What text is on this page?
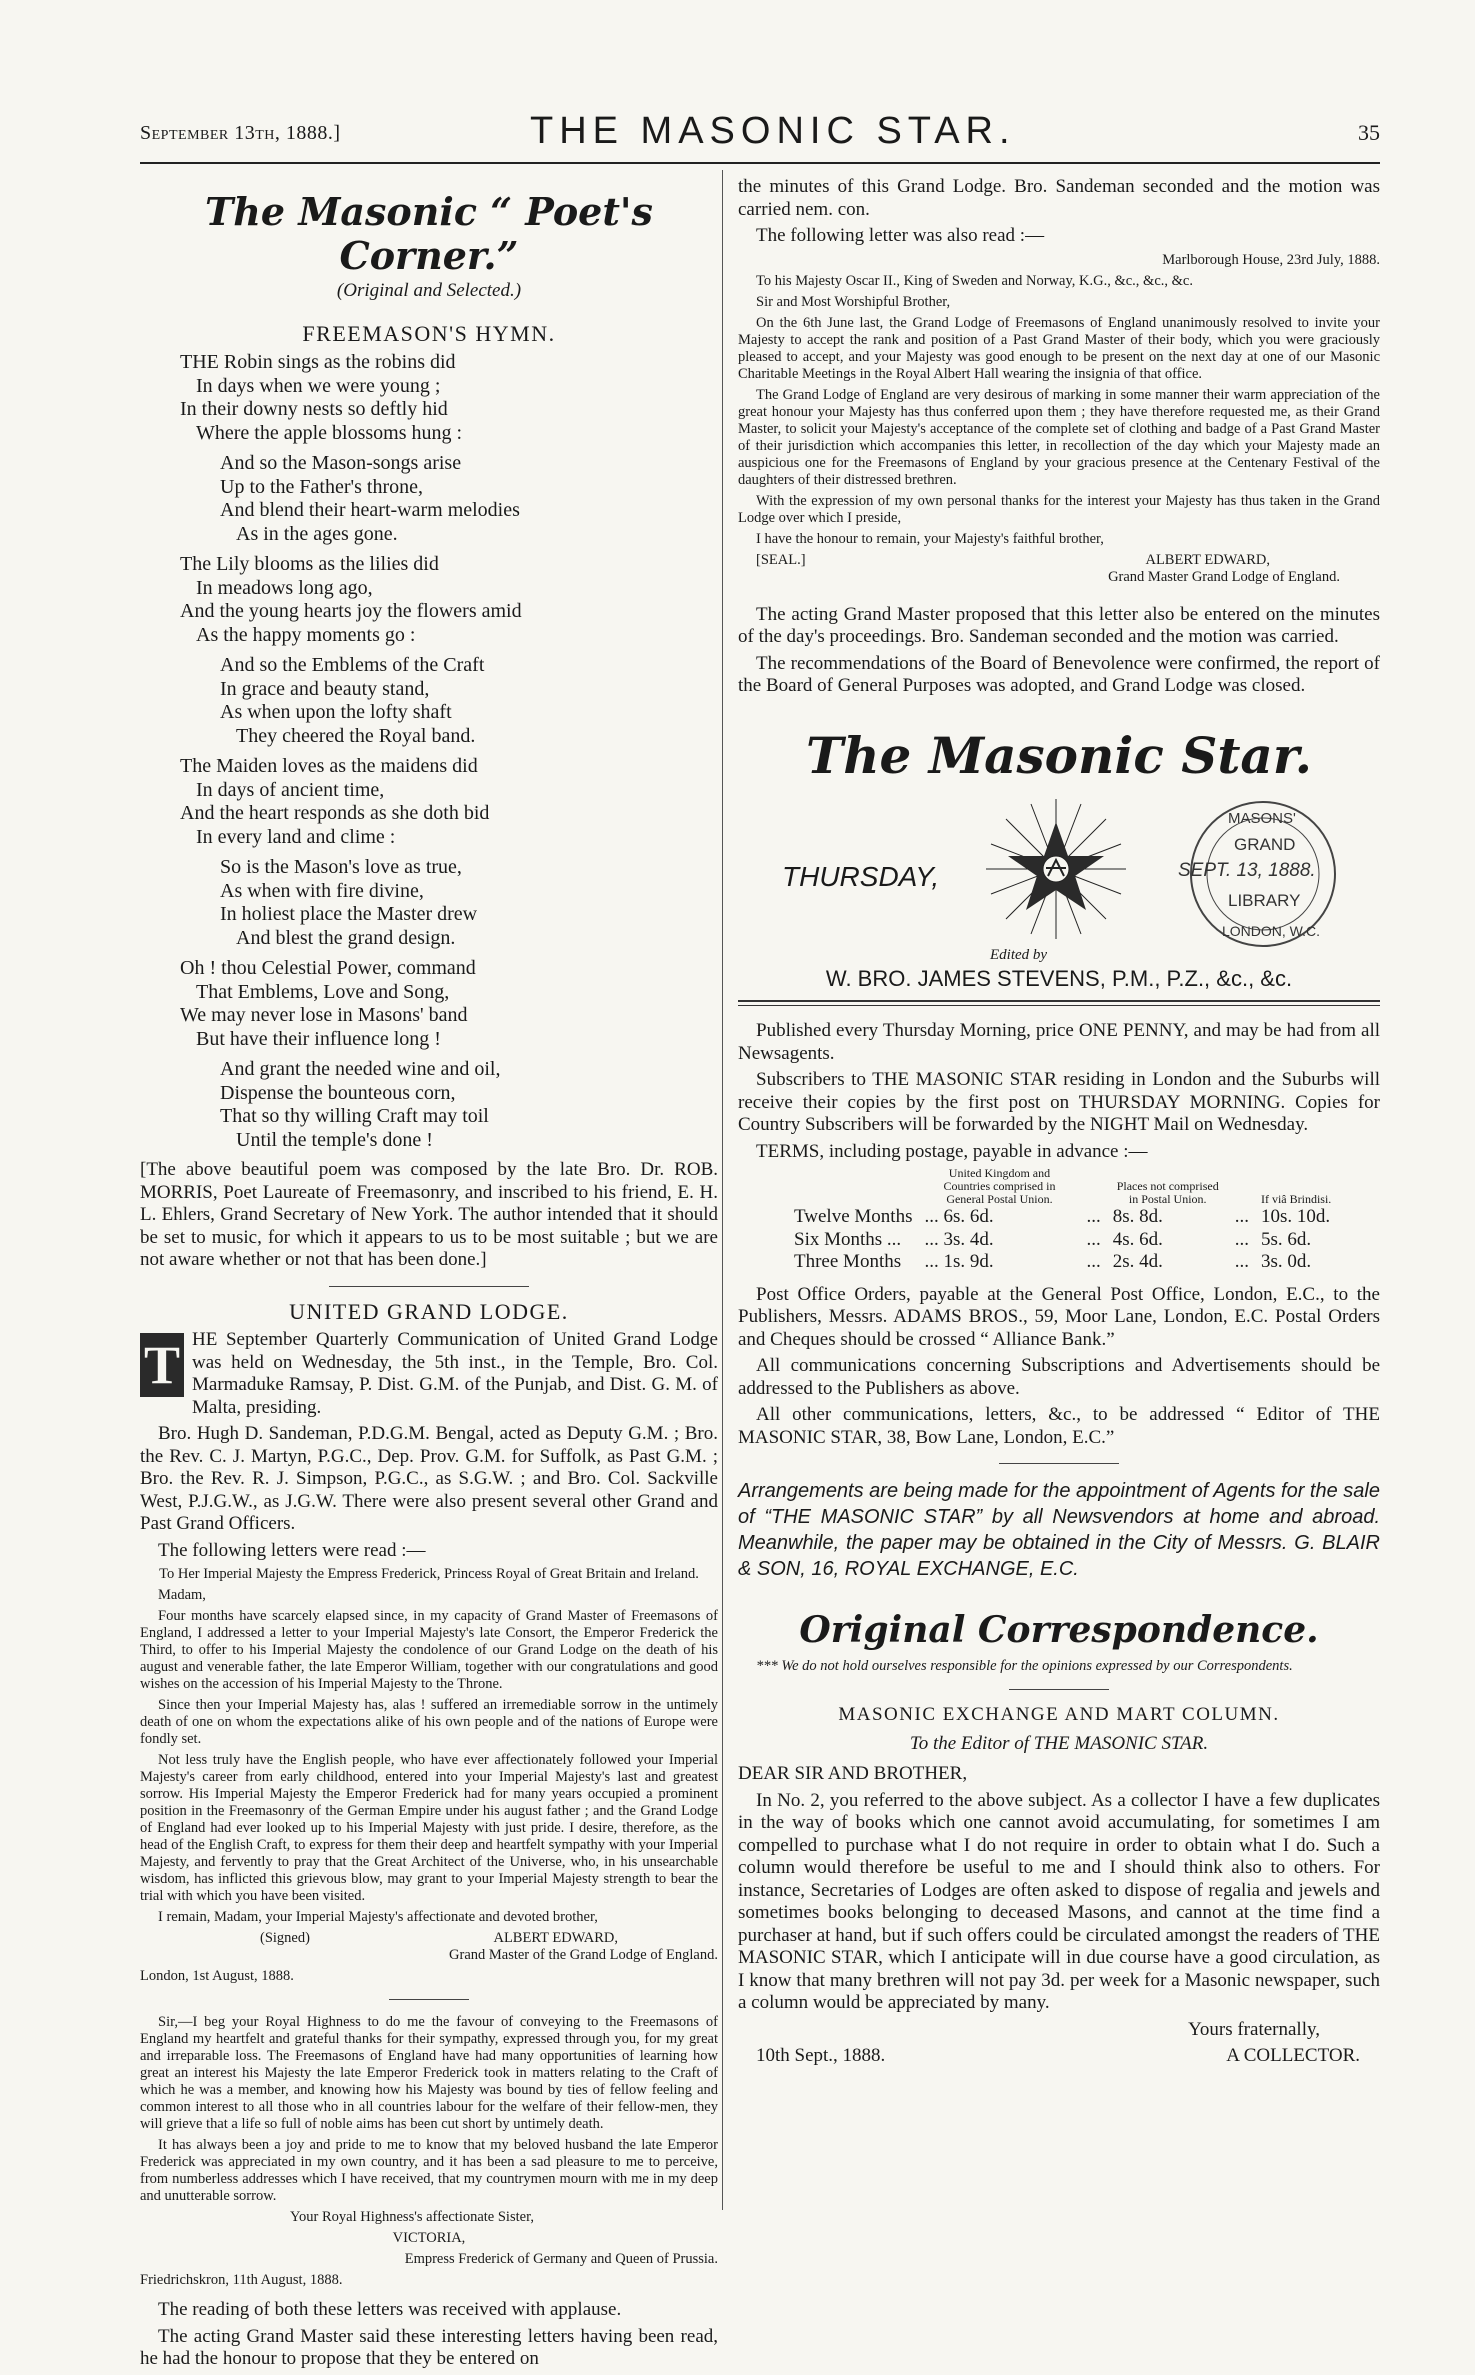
September 13th, 1888.]	THE MASONIC STAR.	35
The Masonic “ Poet's Corner.”
(Original and Selected.)
FREEMASON'S HYMN.
THE Robin sings as the robins did
In days when we were young ;
In their downy nests so deftly hid
Where the apple blossoms hung :
And so the Mason-songs arise
Up to the Father's throne,
And blend their heart-warm melodies
As in the ages gone.
The Lily blooms as the lilies did
In meadows long ago,
And the young hearts joy the flowers amid
As the happy moments go :
And so the Emblems of the Craft
In grace and beauty stand,
As when upon the lofty shaft
They cheered the Royal band.
The Maiden loves as the maidens did
In days of ancient time,
And the heart responds as she doth bid
In every land and clime :
So is the Mason's love as true,
As when with fire divine,
In holiest place the Master drew
And blest the grand design.
Oh ! thou Celestial Power, command
That Emblems, Love and Song,
We may never lose in Masons' band
But have their influence long !
And grant the needed wine and oil,
Dispense the bounteous corn,
That so thy willing Craft may toil
Until the temple's done !

[The above beautiful poem was composed by the late Bro. Dr. ROB. MORRIS, Poet Laureate of Freemasonry, and inscribed to his friend, E. H. L. Ehlers, Grand Secretary of New York. The author intended that it should be set to music, for which it appears to us to be most suitable ; but we are not aware whether or not that has been done.]

UNITED GRAND LODGE.

T HE September Quarterly Communication of United Grand Lodge was held on Wednesday, the 5th inst., in the Temple, Bro. Col. Marmaduke Ramsay, P. Dist. G.M. of the Punjab, and Dist. G. M. of Malta, presiding.

Bro. Hugh D. Sandeman, P.D.G.M. Bengal, acted as Deputy G.M. ; Bro. the Rev. C. J. Martyn, P.G.C., Dep. Prov. G.M. for Suffolk, as Past G.M. ; Bro. the Rev. R. J. Simpson, P.G.C., as S.G.W. ; and Bro. Col. Sackville West, P.J.G.W., as J.G.W. There were also present several other Grand and Past Grand Officers.

The following letters were read :—

To Her Imperial Majesty the Empress Frederick, Princess Royal of Great Britain and Ireland.

Madam,

Four months have scarcely elapsed since, in my capacity of Grand Master of Freemasons of England, I addressed a letter to your Imperial Majesty's late Consort, the Emperor Frederick the Third, to offer to his Imperial Majesty the condolence of our Grand Lodge on the death of his august and venerable father, the late Emperor William, together with our congratulations and good wishes on the accession of his Imperial Majesty to the Throne.

Since then your Imperial Majesty has, alas ! suffered an irremediable sorrow in the untimely death of one on whom the expectations alike of his own people and of the nations of Europe were fondly set.

Not less truly have the English people, who have ever affectionately followed your Imperial Majesty's career from early childhood, entered into your Imperial Majesty's last and greatest sorrow. His Imperial Majesty the Emperor Frederick had for many years occupied a prominent position in the Freemasonry of the German Empire under his august father ; and the Grand Lodge of England had ever looked up to his Imperial Majesty with just pride. I desire, therefore, as the head of the English Craft, to express for them their deep and heartfelt sympathy with your Imperial Majesty, and fervently to pray that the Great Architect of the Universe, who, in his unsearchable wisdom, has inflicted this grievous blow, may grant to your Imperial Majesty strength to bear the trial with which you have been visited.

I remain, Madam, your Imperial Majesty's affectionate and devoted brother,

(Signed)	ALBERT EDWARD,

Grand Master of the Grand Lodge of England.

London, 1st August, 1888.

Sir,—I beg your Royal Highness to do me the favour of conveying to the Freemasons of England my heartfelt and grateful thanks for their sympathy, expressed through you, for my great and irreparable loss. The Freemasons of England have had many opportunities of learning how great an interest his Majesty the late Emperor Frederick took in matters relating to the Craft of which he was a member, and knowing how his Majesty was bound by ties of fellow feeling and common interest to all those who in all countries labour for the welfare of their fellow-men, they will grieve that a life so full of noble aims has been cut short by untimely death.

It has always been a joy and pride to me to know that my beloved husband the late Emperor Frederick was appreciated in my own country, and it has been a sad pleasure to me to perceive, from numberless addresses which I have received, that my countrymen mourn with me in my deep and unutterable sorrow.

Your Royal Highness's affectionate Sister,

VICTORIA,

Empress Frederick of Germany and Queen of Prussia.

Friedrichskron, 11th August, 1888.

The reading of both these letters was received with applause.

The acting Grand Master said these interesting letters having been read, he had the honour to propose that they be entered on

the minutes of this Grand Lodge. Bro. Sandeman seconded and the motion was carried nem. con.

The following letter was also read :—

Marlborough House, 23rd July, 1888.

To his Majesty Oscar II., King of Sweden and Norway, K.G., &c., &c., &c.

Sir and Most Worshipful Brother,

On the 6th June last, the Grand Lodge of Freemasons of England unanimously resolved to invite your Majesty to accept the rank and position of a Past Grand Master of their body, which you were graciously pleased to accept, and your Majesty was good enough to be present on the next day at one of our Masonic Charitable Meetings in the Royal Albert Hall wearing the insignia of that office.

The Grand Lodge of England are very desirous of marking in some manner their warm appreciation of the great honour your Majesty has thus conferred upon them ; they have therefore requested me, as their Grand Master, to solicit your Majesty's acceptance of the complete set of clothing and badge of a Past Grand Master of their jurisdiction which accompanies this letter, in recollection of the day which your Majesty made an auspicious one for the Freemasons of England by your gracious presence at the Centenary Festival of the daughters of their distressed brethren.

With the expression of my own personal thanks for the interest your Majesty has thus taken in the Grand Lodge over which I preside,

I have the honour to remain, your Majesty's faithful brother,

[SEAL.]	ALBERT EDWARD,

Grand Master Grand Lodge of England.

The acting Grand Master proposed that this letter also be entered on the minutes of the day's proceedings. Bro. Sandeman seconded and the motion was carried.

The recommendations of the Board of Benevolence were confirmed, the report of the Board of General Purposes was adopted, and Grand Lodge was closed.

The Masonic Star.
THURSDAY,
MASONS'
GRAND
SEPT. 13, 1888.
LIBRARY
LONDON, W.C.
Edited by
W. BRO. JAMES STEVENS, P.M., P.Z., &c., &c.

Published every Thursday Morning, price ONE PENNY, and may be had from all Newsagents.

Subscribers to THE MASONIC STAR residing in London and the Suburbs will receive their copies by the first post on THURSDAY MORNING. Copies for Country Subscribers will be forwarded by the NIGHT Mail on Wednesday.

TERMS, including postage, payable in advance :—

	United Kingdom and Countries comprised in General Postal Union.		Places not comprised in Postal Union.		If viâ Brindisi.
Twelve Months	... 6s. 6d.	...	8s. 8d.	...	10s. 10d.
Six Months ...	... 3s. 4d.	...	4s. 6d.	...	5s. 6d.
Three Months	... 1s. 9d.	...	2s. 4d.	...	3s. 0d.

Post Office Orders, payable at the General Post Office, London, E.C., to the Publishers, Messrs. ADAMS BROS., 59, Moor Lane, London, E.C. Postal Orders and Cheques should be crossed “ Alliance Bank.”

All communications concerning Subscriptions and Advertisements should be addressed to the Publishers as above.

All other communications, letters, &c., to be addressed “ Editor of THE MASONIC STAR, 38, Bow Lane, London, E.C.”

Arrangements are being made for the appointment of Agents for the sale of “THE MASONIC STAR” by all Newsvendors at home and abroad. Meanwhile, the paper may be obtained in the City of Messrs. G. BLAIR & SON, 16, ROYAL EXCHANGE, E.C.

Original Correspondence.

*** We do not hold ourselves responsible for the opinions expressed by our Correspondents.

MASONIC EXCHANGE AND MART COLUMN.

To the Editor of THE MASONIC STAR.

DEAR SIR AND BROTHER,

In No. 2, you referred to the above subject. As a collector I have a few duplicates in the way of books which one cannot avoid accumulating, for sometimes I am compelled to purchase what I do not require in order to obtain what I do. Such a column would therefore be useful to me and I should think also to others. For instance, Secretaries of Lodges are often asked to dispose of regalia and jewels and sometimes books belonging to deceased Masons, and cannot at the time find a purchaser at hand, but if such offers could be circulated amongst the readers of THE MASONIC STAR, which I anticipate will in due course have a good circulation, as I know that many brethren will not pay 3d. per week for a Masonic newspaper, such a column would be appreciated by many.

Yours fraternally,

10th Sept., 1888.	A COLLECTOR.
